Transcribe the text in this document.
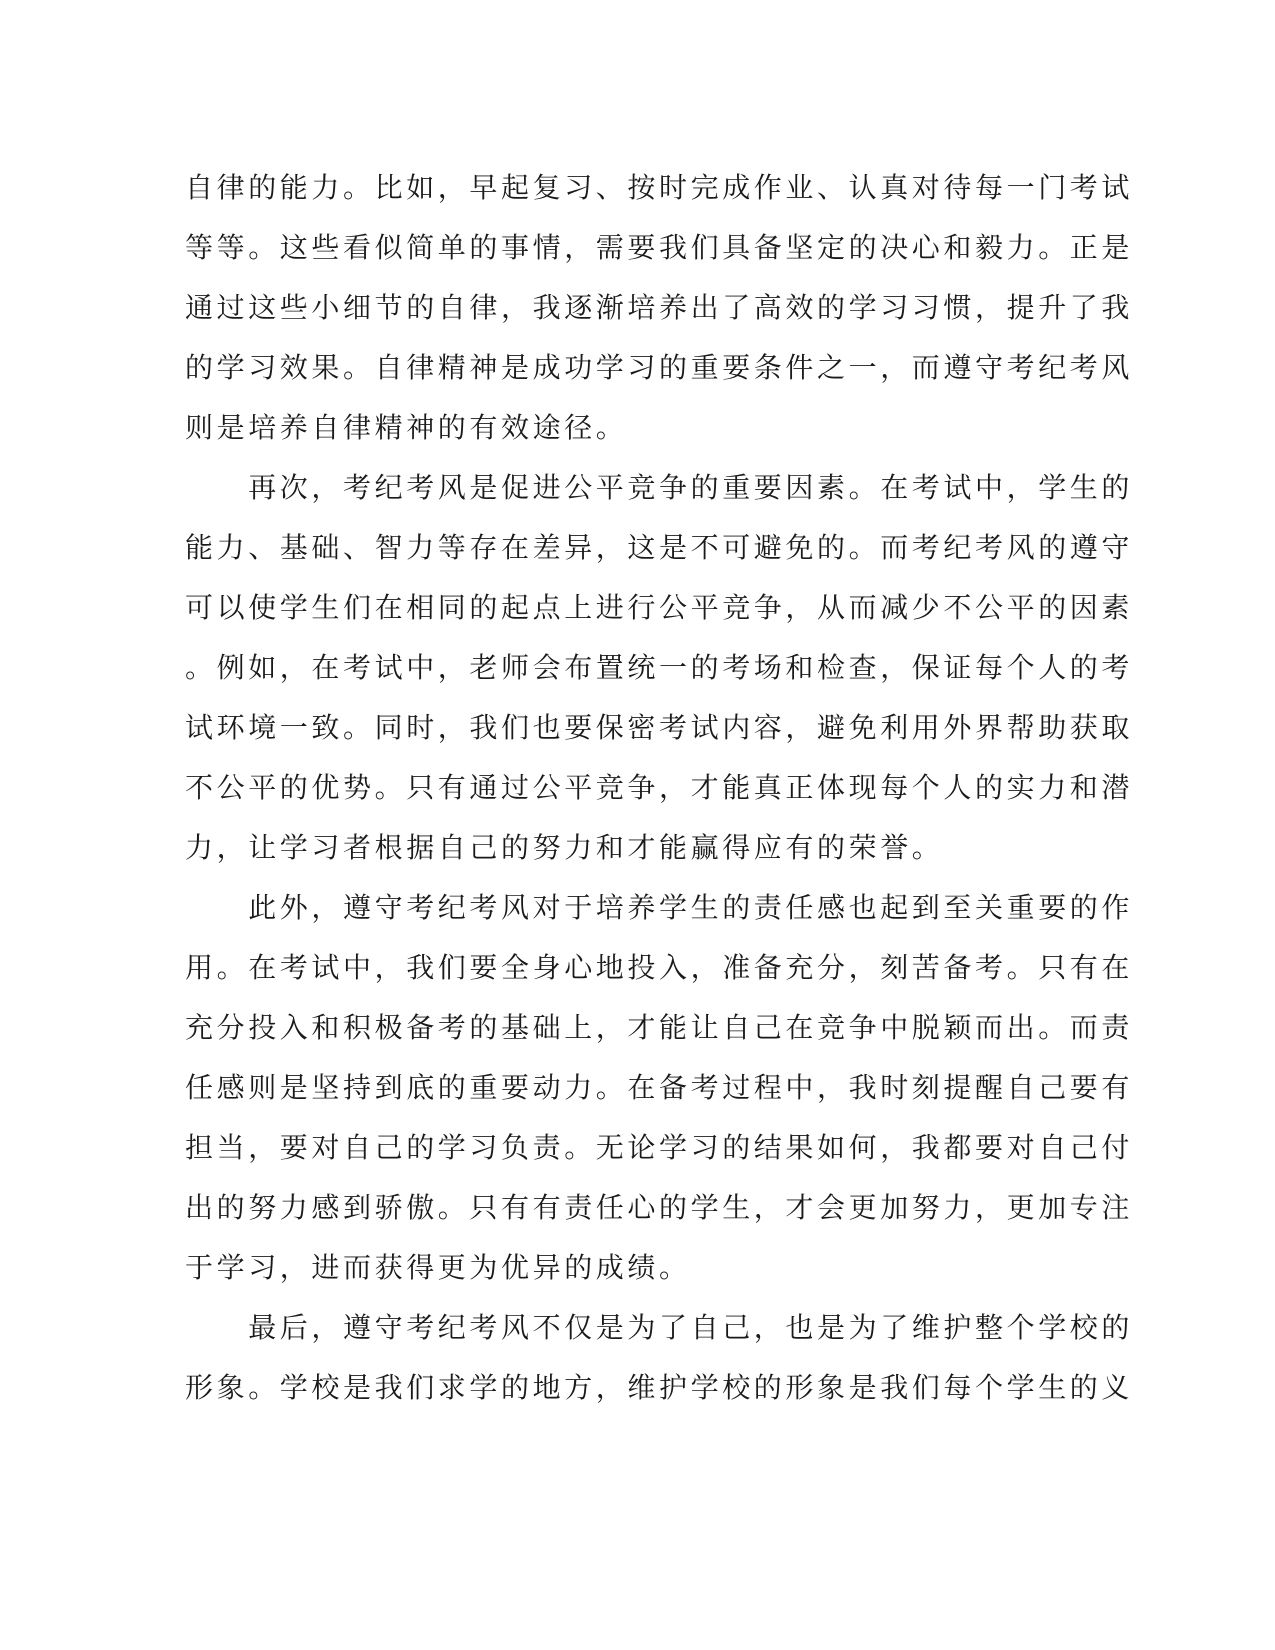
自律的能力。比如，早起复习、按时完成作业、认真对待每一门考试
等等。这些看似简单的事情，需要我们具备坚定的决心和毅力。正是
通过这些小细节的自律，我逐渐培养出了高效的学习习惯，提升了我
的学习效果。自律精神是成功学习的重要条件之一，而遵守考纪考风
则是培养自律精神的有效途径。
　　再次，考纪考风是促进公平竞争的重要因素。在考试中，学生的
能力、基础、智力等存在差异，这是不可避免的。而考纪考风的遵守
可以使学生们在相同的起点上进行公平竞争，从而减少不公平的因素
。例如，在考试中，老师会布置统一的考场和检查，保证每个人的考
试环境一致。同时，我们也要保密考试内容，避免利用外界帮助获取
不公平的优势。只有通过公平竞争，才能真正体现每个人的实力和潜
力，让学习者根据自己的努力和才能赢得应有的荣誉。
　　此外，遵守考纪考风对于培养学生的责任感也起到至关重要的作
用。在考试中，我们要全身心地投入，准备充分，刻苦备考。只有在
充分投入和积极备考的基础上，才能让自己在竞争中脱颖而出。而责
任感则是坚持到底的重要动力。在备考过程中，我时刻提醒自己要有
担当，要对自己的学习负责。无论学习的结果如何，我都要对自己付
出的努力感到骄傲。只有有责任心的学生，才会更加努力，更加专注
于学习，进而获得更为优异的成绩。
　　最后，遵守考纪考风不仅是为了自己，也是为了维护整个学校的
形象。学校是我们求学的地方，维护学校的形象是我们每个学生的义
